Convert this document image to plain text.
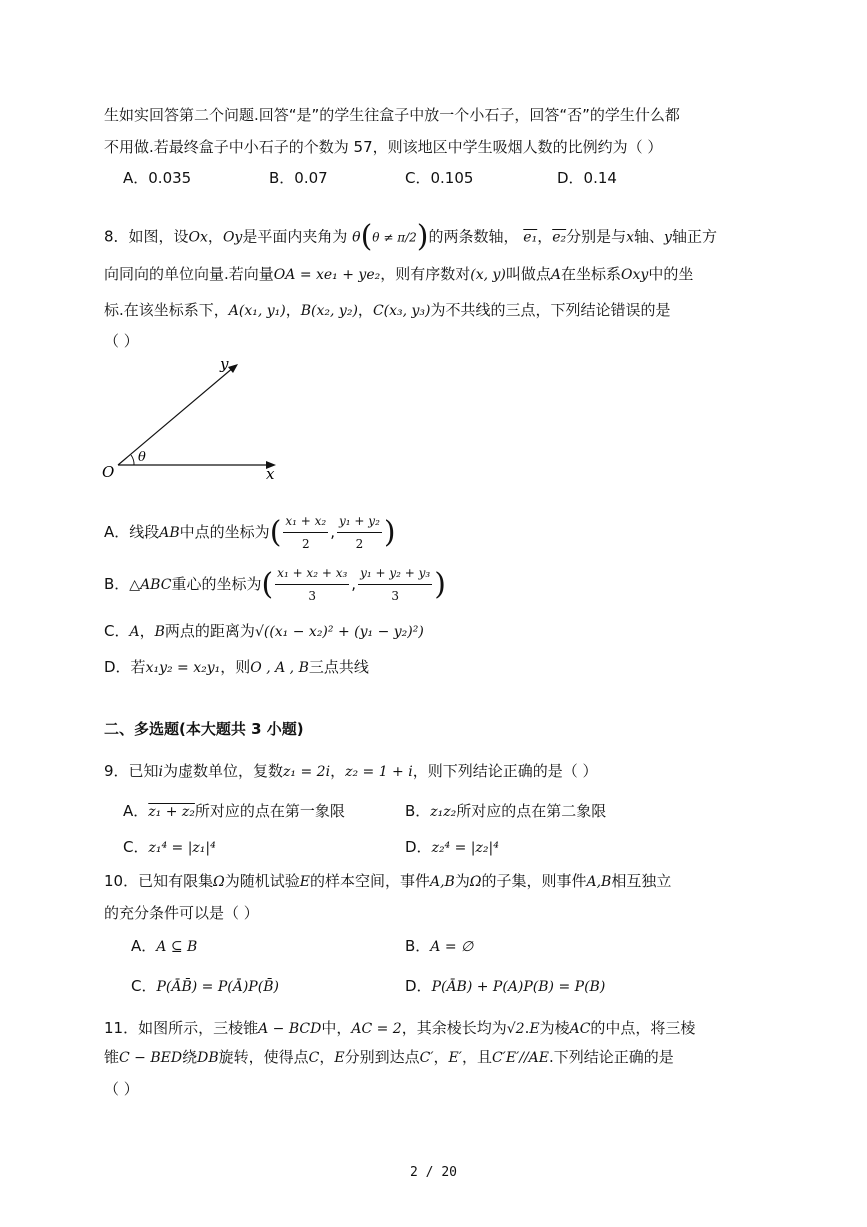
生如实回答第二个问题.回答“是”的学生往盒子中放一个小石子，回答“否”的学生什么都
不用做.若最终盒子中小石子的个数为 57，则该地区中学生吸烟人数的比例约为（ ）
A．0.035	B．0.07	C．0.105	D．0.14
8．如图，设Ox，Oy是平面内夹角为 θ(θ ≠ π/2)的两条数轴， e₁，e₂分别是与x轴、y轴正方
向同向的单位向量.若向量OA = xe₁ + ye₂，则有序数对(x, y)叫做点A在坐标系Oxy中的坐
标.在该坐标系下，A(x₁, y₁)，B(x₂, y₂)，C(x₃, y₃)为不共线的三点，下列结论错误的是
（ ）
O	x
y
θ
A．线段AB中点的坐标为( $\frac{\text{x₁ + x₂}}{2}$ , $\frac{\text{y₁ + y₂}}{2}$ )
B．△ABC重心的坐标为( $\frac{\text{x₁ + x₂ + x₃}}{3}$ , $\frac{\text{y₁ + y₂ + y₃}}{3}$ )
C．A，B两点的距离为√((x₁ − x₂)² + (y₁ − y₂)²)
D．若x₁y₂ = x₂y₁，则O , A , B三点共线
二、多选题(本大题共 3 小题)
9．已知i为虚数单位，复数z₁ = 2i，z₂ = 1 + i，则下列结论正确的是（ ）
A．z₁ + z₂所对应的点在第一象限	B．z₁z₂所对应的点在第二象限
C．z₁⁴ = |z₁|⁴	D．z₂⁴ = |z₂|⁴
10．已知有限集Ω为随机试验E的样本空间，事件A,B为Ω的子集，则事件A,B相互独立
的充分条件可以是（ ）
A．A ⊆ B	B．A = ∅
C．P(ĀB̄) = P(Ā)P(B̄)	D．P(ĀB) + P(A)P(B) = P(B)
11．如图所示，三棱锥A − BCD中，AC = 2，其余棱长均为√2.E为棱AC的中点，将三棱
锥C − BED绕DB旋转，使得点C，E分别到达点C′，E′，且C′E′//AE.下列结论正确的是
（ ）
2 / 20
